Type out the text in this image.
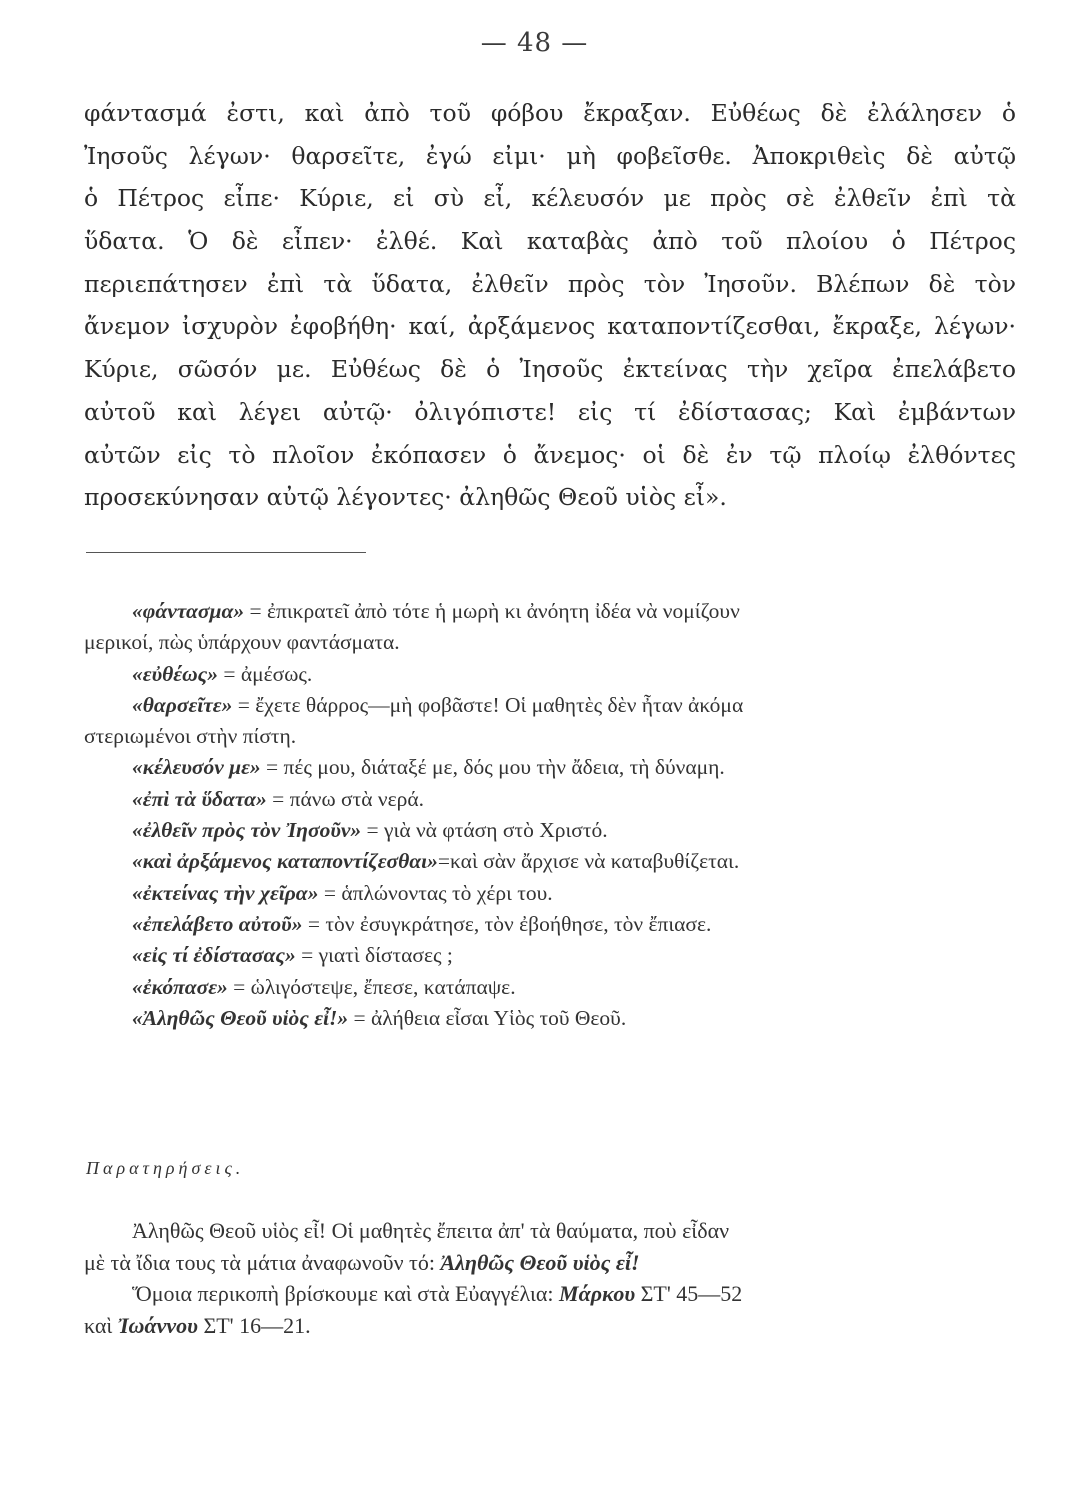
— 48 —
φάντασμά ἐστι, καὶ ἀπὸ τοῦ φόβου ἔκραξαν. Εὐθέως δὲ ἐλάλησεν ὁ
Ἰησοῦς λέγων· θαρσεῖτε, ἐγώ εἰμι· μὴ φοβεῖσθε. Ἀποκριθεὶς δὲ αὐτῷ
ὁ Πέτρος εἶπε· Κύριε, εἰ σὺ εἶ, κέλευσόν με πρὸς σὲ ἐλθεῖν ἐπὶ τὰ
ὕδατα. Ὁ δὲ εἶπεν· ἐλθέ. Καὶ καταβὰς ἀπὸ τοῦ πλοίου ὁ Πέτρος
περιεπάτησεν ἐπὶ τὰ ὕδατα, ἐλθεῖν πρὸς τὸν Ἰησοῦν. Βλέπων δὲ τὸν
ἄνεμον ἰσχυρὸν ἐφοβήθη· καί, ἀρξάμενος καταποντίζεσθαι, ἔκραξε, λέγων·
Κύριε, σῶσόν με. Εὐθέως δὲ ὁ Ἰησοῦς ἐκτείνας τὴν χεῖρα ἐπελάβετο
αὐτοῦ καὶ λέγει αὐτῷ· ὀλιγόπιστε! εἰς τί ἐδίστασας; Καὶ ἐμβάντων
αὐτῶν εἰς τὸ πλοῖον ἐκόπασεν ὁ ἄνεμος· οἱ δὲ ἐν τῷ πλοίῳ ἐλθόντες
προσεκύνησαν αὐτῷ λέγοντες· ἀληθῶς Θεοῦ υἱὸς εἶ».
«φάντασμα» = ἐπικρατεῖ ἀπὸ τότε ἡ μωρὴ κι ἀνόητη ἰδέα νὰ νομίζουν
μερικοί, πὼς ὑπάρχουν φαντάσματα.
«εὐθέως» = ἀμέσως.
«θαρσεῖτε» = ἔχετε θάρρος—μὴ φοβᾶστε! Οἱ μαθητὲς δὲν ἦταν ἀκόμα
στεριωμένοι στὴν πίστη.
«κέλευσόν με» = πές μου, διάταξέ με, δός μου τὴν ἄδεια, τὴ δύναμη.
«ἐπὶ τὰ ὕδατα» = πάνω στὰ νερά.
«ἐλθεῖν πρὸς τὸν Ἰησοῦν» = γιὰ νὰ φτάση στὸ Χριστό.
«καὶ ἀρξάμενος καταποντίζεσθαι»=καὶ σὰν ἄρχισε νὰ καταβυθίζεται.
«ἐκτείνας τὴν χεῖρα» = ἁπλώνοντας τὸ χέρι του.
«ἐπελάβετο αὐτοῦ» = τὸν ἐσυγκράτησε, τὸν ἐβοήθησε, τὸν ἔπιασε.
«εἰς τί ἐδίστασας» = γιατὶ δίστασες ;
«ἐκόπασε» = ὡλιγόστεψε, ἔπεσε, κατάπαψε.
«Ἀληθῶς Θεοῦ υἱὸς εἶ!» = ἀλήθεια εἶσαι Υἱὸς τοῦ Θεοῦ.
Παρατηρήσεις.
Ἀληθῶς Θεοῦ υἱὸς εἶ! Οἱ μαθητὲς ἔπειτα ἀπ' τὰ θαύματα, ποὺ εἶδαν
μὲ τὰ ἴδια τους τὰ μάτια ἀναφωνοῦν τό: Ἀληθῶς Θεοῦ υἱὸς εἶ!
Ὅμοια περικοπὴ βρίσκουμε καὶ στὰ Εὐαγγέλια: Μάρκου ΣΤ' 45—52
καὶ Ἰωάννου ΣΤ' 16—21.
